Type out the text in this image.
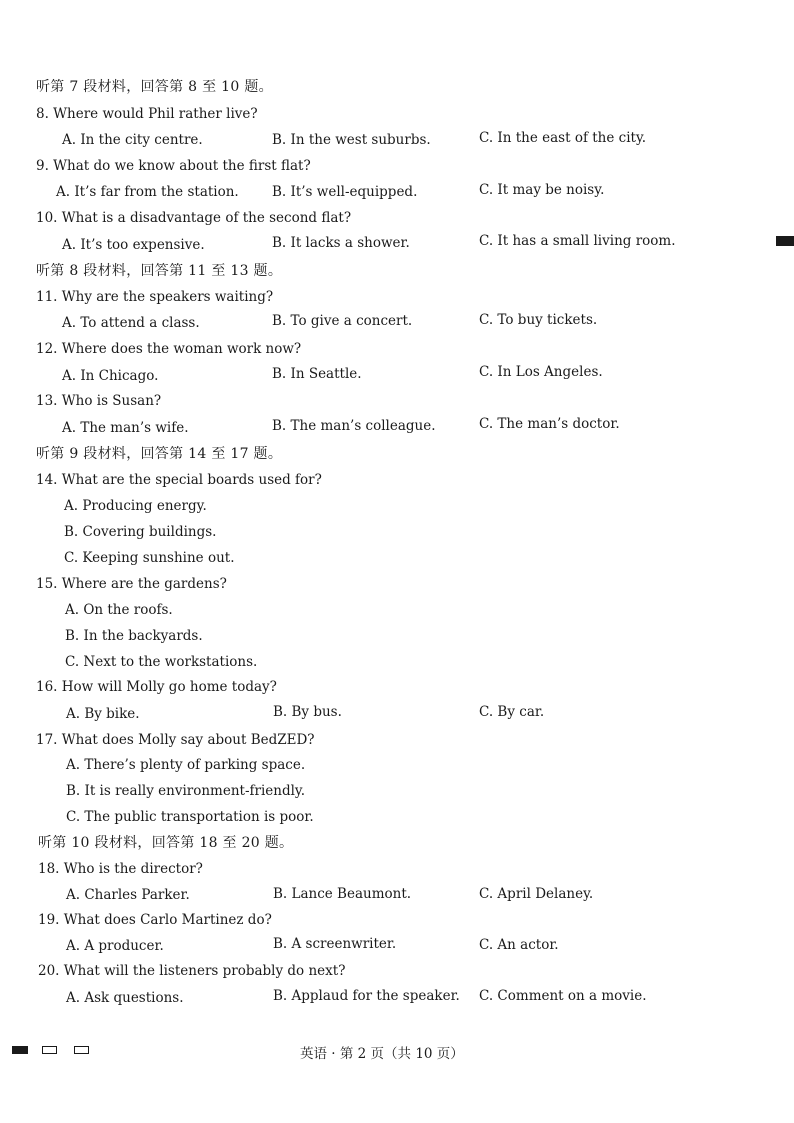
听第 7 段材料，回答第 8 至 10 题。
8. Where would Phil rather live?
A. In the city centre.	B. In the west suburbs.	C. In the east of the city.
9. What do we know about the first flat?
A. It’s far from the station. B. It’s well-equipped.	C. It may be noisy.
10. What is a disadvantage of the second flat?
A. It’s too expensive.	B. It lacks a shower.	C. It has a small living room.
听第 8 段材料，回答第 11 至 13 题。
11. Why are the speakers waiting?
A. To attend a class.	B. To give a concert.	C. To buy tickets.
12. Where does the woman work now?
A. In Chicago.	B. In Seattle.	C. In Los Angeles.
13. Who is Susan?
A. The man’s wife.	B. The man’s colleague.	C. The man’s doctor.
听第 9 段材料，回答第 14 至 17 题。
14. What are the special boards used for?
A. Producing energy.
B. Covering buildings.
C. Keeping sunshine out.
15. Where are the gardens?
A. On the roofs.
B. In the backyards.
C. Next to the workstations.
16. How will Molly go home today?
A. By bike.	B. By bus.	C. By car.
17. What does Molly say about BedZED?
A. There’s plenty of parking space.
B. It is really environment-friendly.
C. The public transportation is poor.
听第 10 段材料，回答第 18 至 20 题。
18. Who is the director?
A. Charles Parker.	B. Lance Beaumont.	C. April Delaney.
19. What does Carlo Martinez do?
A. A producer.	B. A screenwriter.	C. An actor.
20. What will the listeners probably do next?
A. Ask questions.	B. Applaud for the speaker. C. Comment on a movie.
英语 · 第 2 页（共 10 页）
